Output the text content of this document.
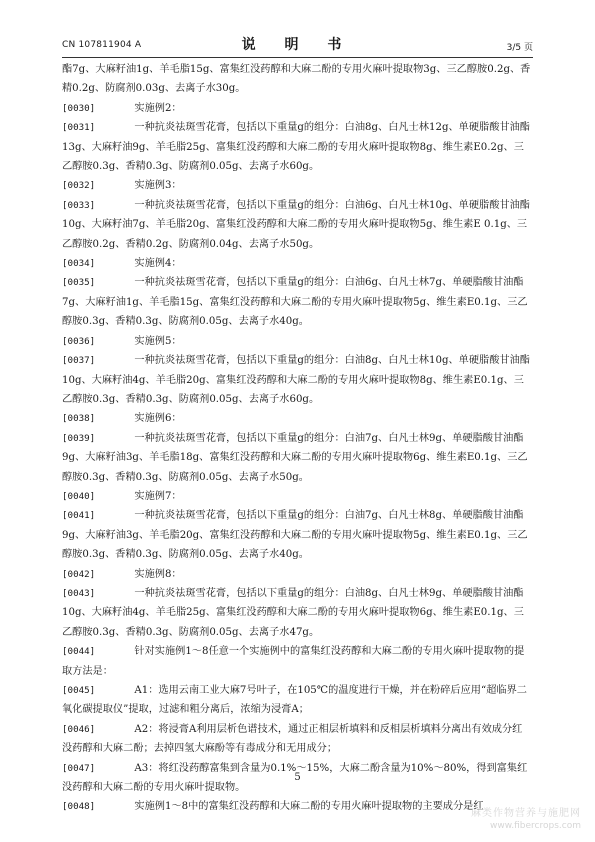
CN 107811904 A	说 明 书	3/5 页
酯7g、大麻籽油1g、羊毛脂15g、富集红没药醇和大麻二酚的专用火麻叶提取物3g、三乙醇胺0.2g、香精0.2g、防腐剂0.03g、去离子水30g。
[0030]	实施例2：
[0031]	一种抗炎祛斑雪花膏，包括以下重量g的组分：白油8g、白凡士林12g、单硬脂酸甘油酯13g、大麻籽油9g、羊毛脂25g、富集红没药醇和大麻二酚的专用火麻叶提取物8g、维生素E0.2g、三乙醇胺0.3g、香精0.3g、防腐剂0.05g、去离子水60g。
[0032]	实施例3：
[0033]	一种抗炎祛斑雪花膏，包括以下重量g的组分：白油6g、白凡士林10g、单硬脂酸甘油酯10g、大麻籽油7g、羊毛脂20g、富集红没药醇和大麻二酚的专用火麻叶提取物5g、维生素E 0.1g、三乙醇胺0.2g、香精0.2g、防腐剂0.04g、去离子水50g。
[0034]	实施例4：
[0035]	一种抗炎祛斑雪花膏，包括以下重量g的组分：白油6g、白凡士林7g、单硬脂酸甘油酯7g、大麻籽油1g、羊毛脂15g、富集红没药醇和大麻二酚的专用火麻叶提取物5g、维生素E0.1g、三乙醇胺0.3g、香精0.3g、防腐剂0.05g、去离子水40g。
[0036]	实施例5：
[0037]	一种抗炎祛斑雪花膏，包括以下重量g的组分：白油8g、白凡士林10g、单硬脂酸甘油酯10g、大麻籽油4g、羊毛脂20g、富集红没药醇和大麻二酚的专用火麻叶提取物8g、维生素E0.1g、三乙醇胺0.3g、香精0.3g、防腐剂0.05g、去离子水60g。
[0038]	实施例6：
[0039]	一种抗炎祛斑雪花膏，包括以下重量g的组分：白油7g、白凡士林9g、单硬脂酸甘油酯9g、大麻籽油3g、羊毛脂18g、富集红没药醇和大麻二酚的专用火麻叶提取物6g、维生素E0.1g、三乙醇胺0.3g、香精0.3g、防腐剂0.05g、去离子水50g。
[0040]	实施例7：
[0041]	一种抗炎祛斑雪花膏，包括以下重量g的组分：白油7g、白凡士林8g、单硬脂酸甘油酯9g、大麻籽油3g、羊毛脂20g、富集红没药醇和大麻二酚的专用火麻叶提取物5g、维生素E0.1g、三乙醇胺0.3g、香精0.3g、防腐剂0.05g、去离子水40g。
[0042]	实施例8：
[0043]	一种抗炎祛斑雪花膏，包括以下重量g的组分：白油8g、白凡士林9g、单硬脂酸甘油酯10g、大麻籽油4g、羊毛脂25g、富集红没药醇和大麻二酚的专用火麻叶提取物6g、维生素E0.1g、三乙醇胺0.3g、香精0.3g、防腐剂0.05g、去离子水47g。
[0044]	针对实施例1～8任意一个实施例中的富集红没药醇和大麻二酚的专用火麻叶提取物的提取方法是：
[0045]	A1：选用云南工业大麻7号叶子，在105℃的温度进行干燥，并在粉碎后应用“超临界二氧化碳提取仪”提取，过滤和粗分离后，浓缩为浸膏A；
[0046]	A2：将浸膏A利用层析色谱技术，通过正相层析填料和反相层析填料分离出有效成分红没药醇和大麻二酚；去掉四氢大麻酚等有毒成分和无用成分；
[0047]	A3：将红没药醇富集到含量为0.1%～15%，大麻二酚含量为10%～80%，得到富集红没药醇和大麻二酚的专用火麻叶提取物。
[0048]	实施例1～8中的富集红没药醇和大麻二酚的专用火麻叶提取物的主要成分是红
5
麻类作物营养与施肥网
www.fibercrops.com
